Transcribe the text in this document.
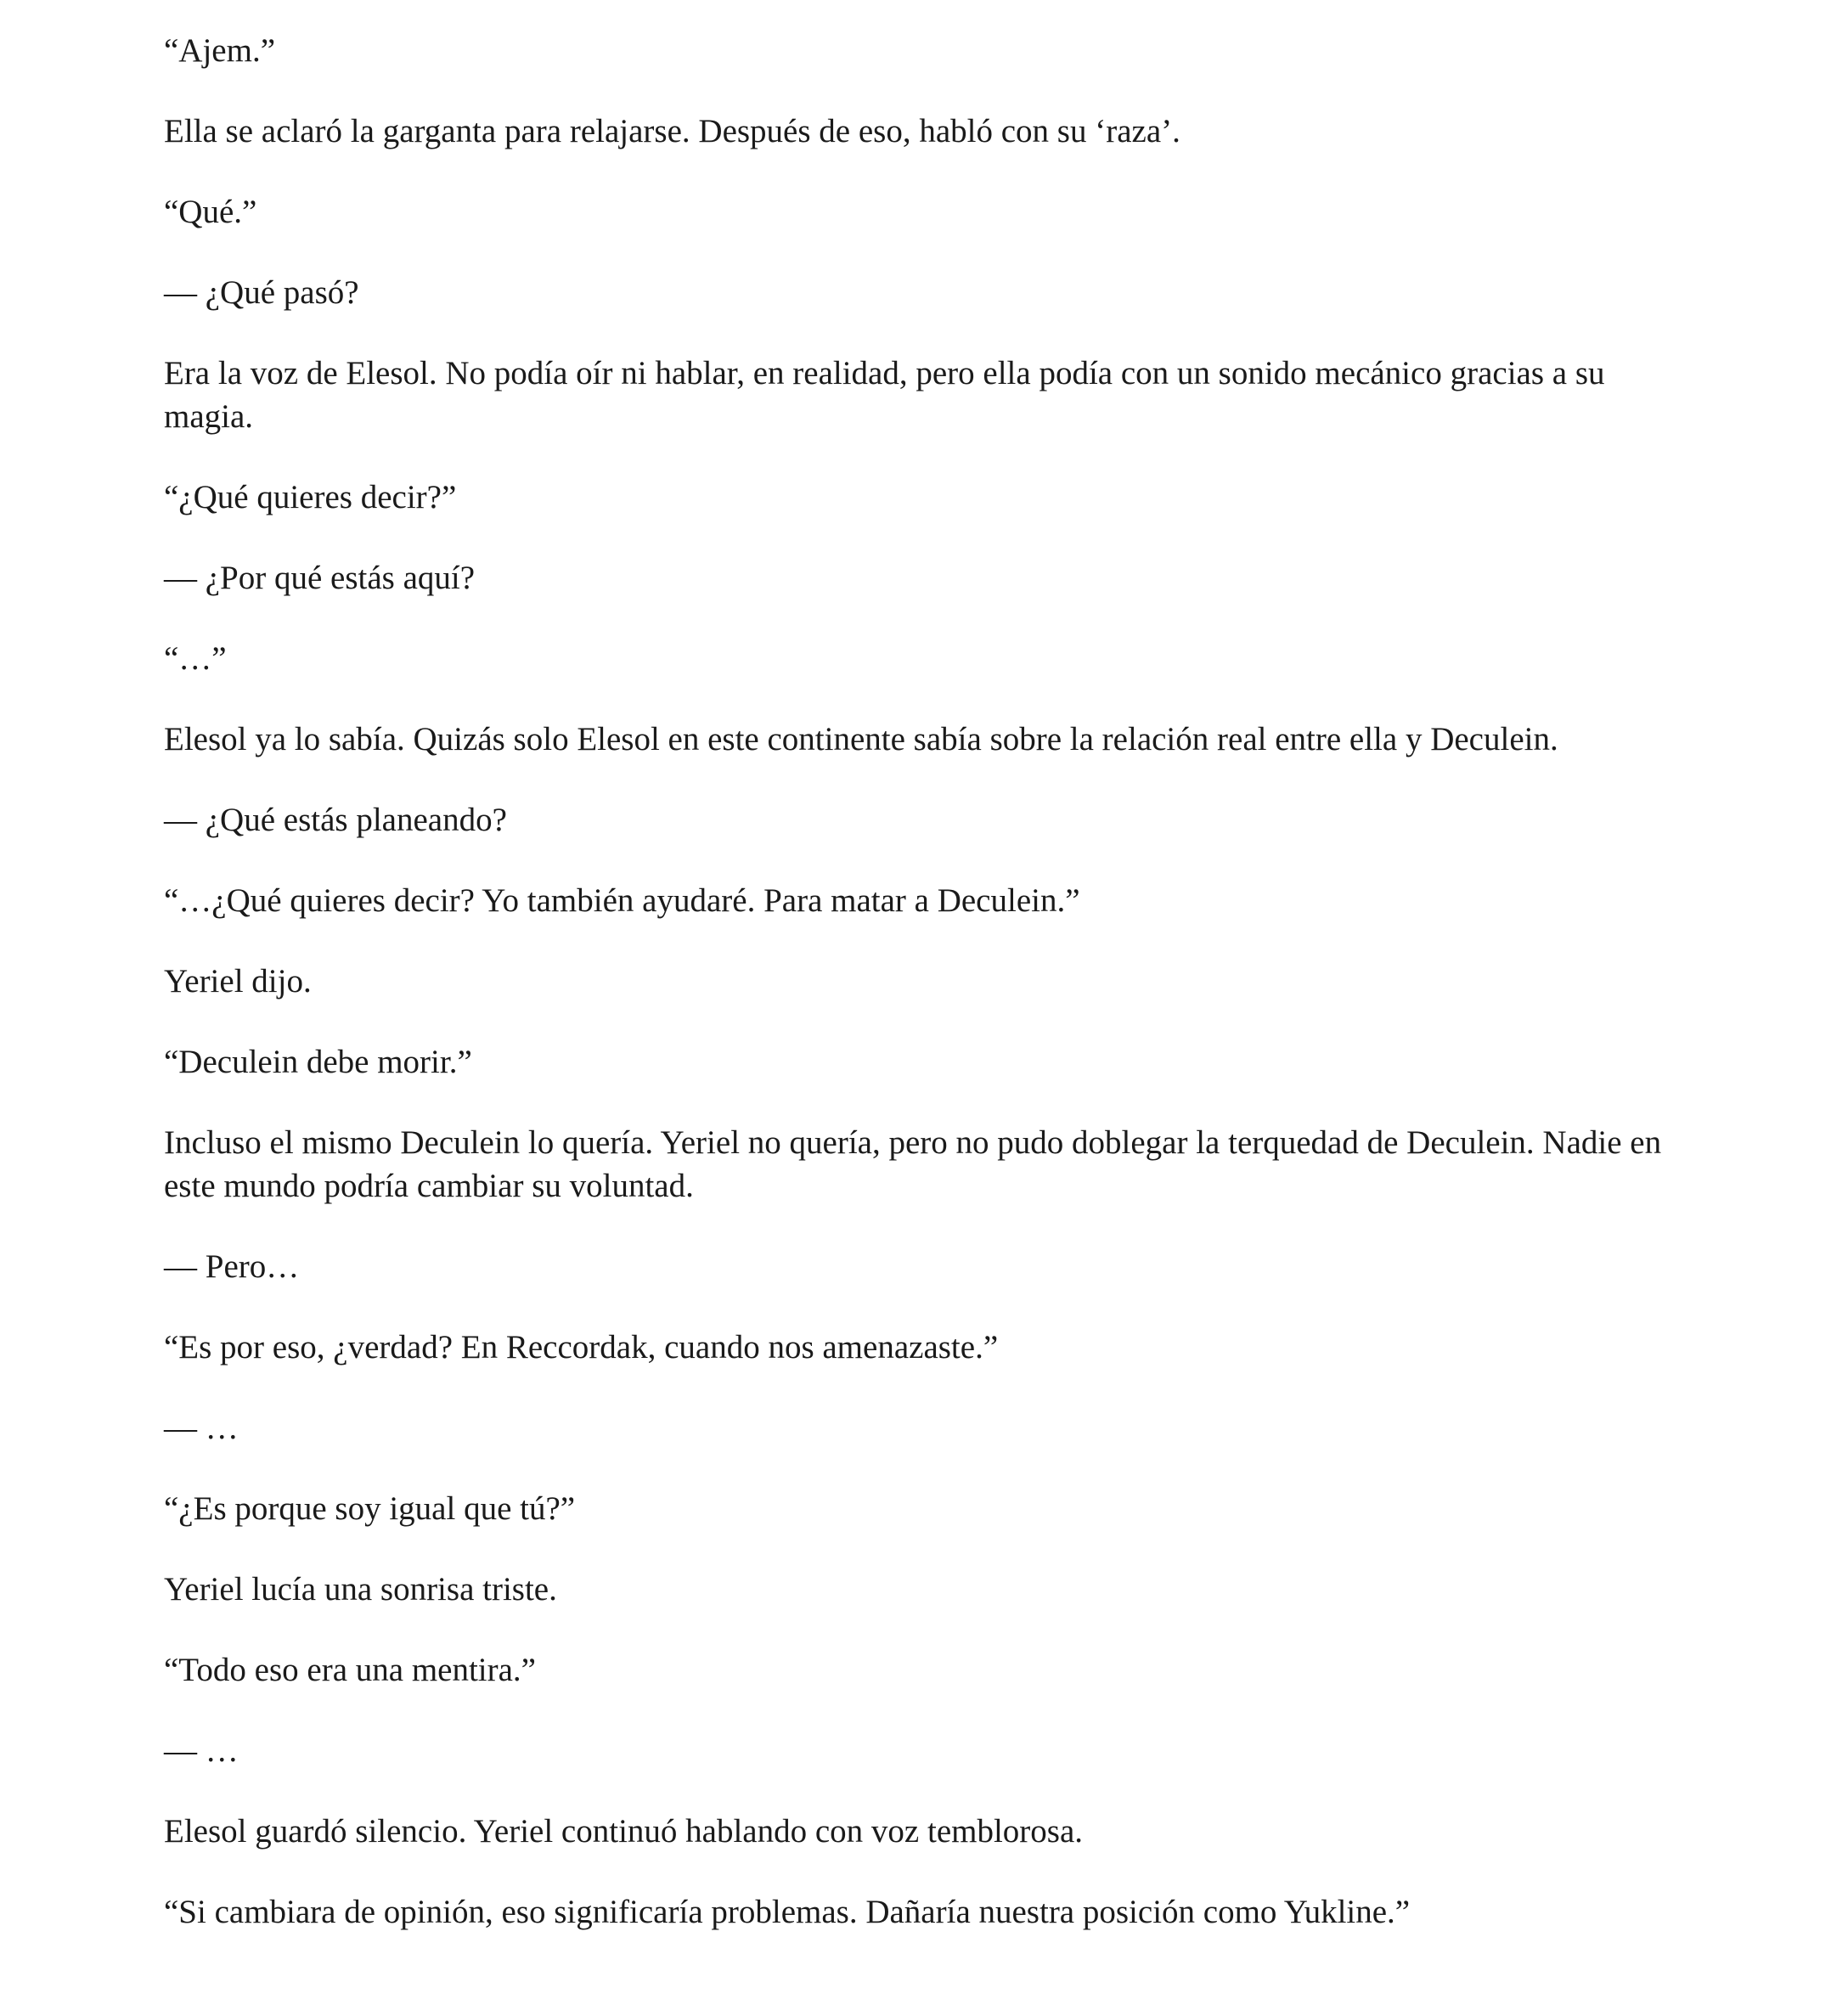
“Ajem.”

Ella se aclaró la garganta para relajarse. Después de eso, habló con su ‘raza’.

“Qué.”

— ¿Qué pasó?

Era la voz de Elesol. No podía oír ni hablar, en realidad, pero ella podía con un sonido mecánico gracias a su magia.

“¿Qué quieres decir?”

— ¿Por qué estás aquí?

“…”

Elesol ya lo sabía. Quizás solo Elesol en este continente sabía sobre la relación real entre ella y Deculein.

— ¿Qué estás planeando?

“…¿Qué quieres decir? Yo también ayudaré. Para matar a Deculein.”

Yeriel dijo.

“Deculein debe morir.”

Incluso el mismo Deculein lo quería. Yeriel no quería, pero no pudo doblegar la terquedad de Deculein. Nadie en este mundo podría cambiar su voluntad.

— Pero…

“Es por eso, ¿verdad? En Reccordak, cuando nos amenazaste.”

— …

“¿Es porque soy igual que tú?”

Yeriel lucía una sonrisa triste.

“Todo eso era una mentira.”

— …

Elesol guardó silencio. Yeriel continuó hablando con voz temblorosa.

“Si cambiara de opinión, eso significaría problemas. Dañaría nuestra posición como Yukline.”
